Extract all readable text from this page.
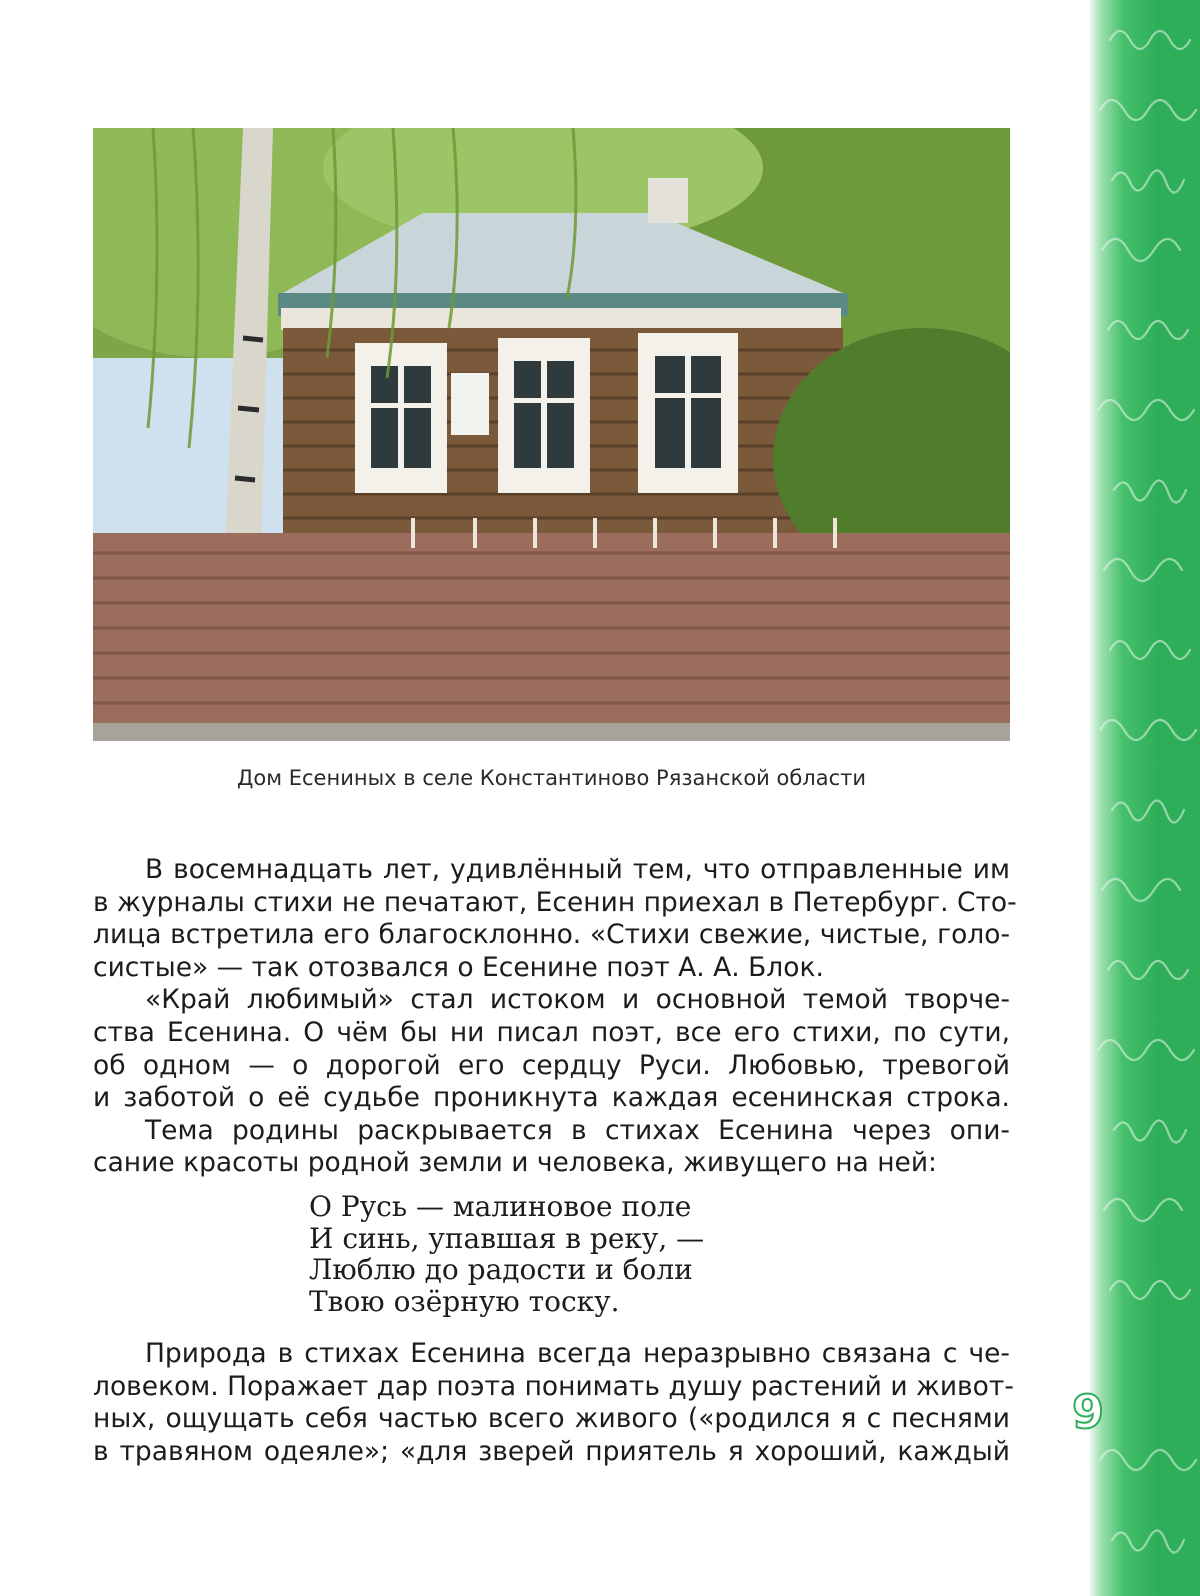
Дом Есениных в селе Константиново Рязанской области
В восемнадцать лет, удивлённый тем, что отправленные им
в журналы стихи не печатают, Есенин приехал в Петербург. Сто-
лица встретила его благосклонно. «Стихи свежие, чистые, голо-
систые» — так отозвался о Есенине поэт А. А. Блок.
«Край любимый» стал истоком и основной темой творче-
ства Есенина. О чём бы ни писал поэт, все его стихи, по сути,
об одном — о дорогой его сердцу Руси. Любовью, тревогой
и заботой о её судьбе проникнута каждая есенинская строка.
Тема родины раскрывается в стихах Есенина через опи-
сание красоты родной земли и человека, живущего на ней:
О Русь — малиновое поле
И синь, упавшая в реку, —
Люблю до радости и боли
Твою озёрную тоску.
Природа в стихах Есенина всегда неразрывно связана с че-
ловеком. Поражает дар поэта понимать душу растений и живот-
ных, ощущать себя частью всего живого («родился я с песнями
в травяном одеяле»; «для зверей приятель я хороший, каждый
9
